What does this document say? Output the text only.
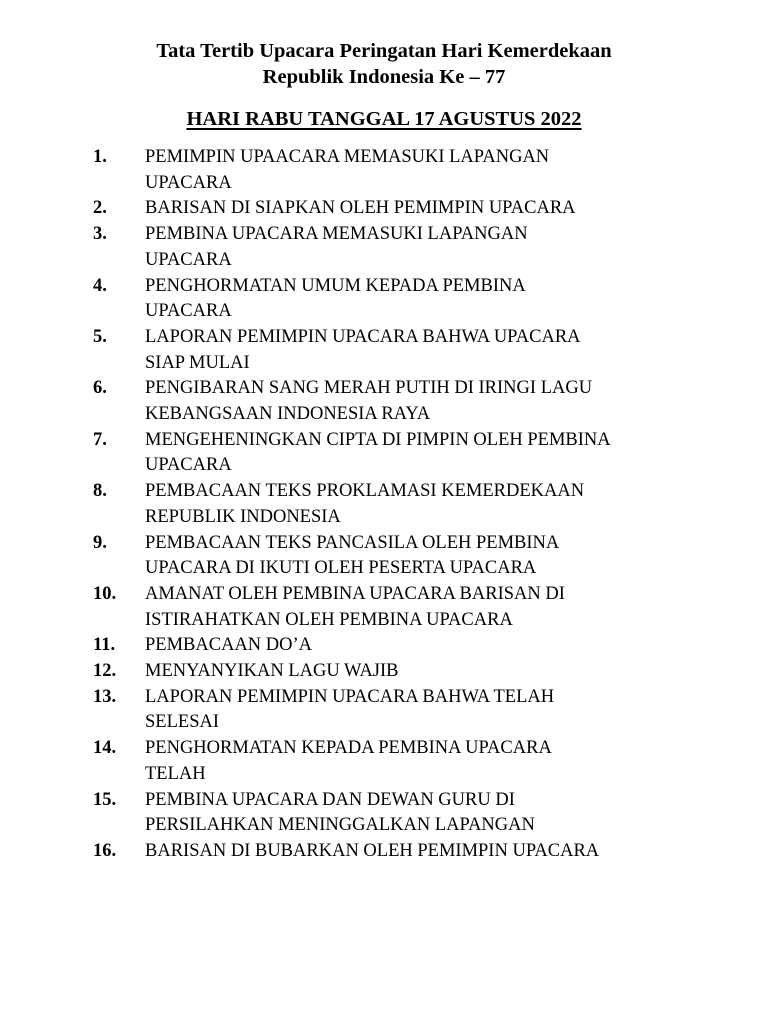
Tata Tertib Upacara Peringatan Hari Kemerdekaan
Republik Indonesia Ke – 77
HARI RABU TANGGAL 17 AGUSTUS 2022
1.	PEMIMPIN UPAACARA MEMASUKI LAPANGAN
UPACARA
2.	BARISAN DI SIAPKAN OLEH PEMIMPIN UPACARA
3.	PEMBINA UPACARA MEMASUKI LAPANGAN
UPACARA
4.	PENGHORMATAN UMUM KEPADA PEMBINA
UPACARA
5.	LAPORAN PEMIMPIN UPACARA BAHWA UPACARA
SIAP MULAI
6.	PENGIBARAN SANG MERAH PUTIH DI IRINGI LAGU
KEBANGSAAN INDONESIA RAYA
7.	MENGEHENINGKAN CIPTA DI PIMPIN OLEH PEMBINA
UPACARA
8.	PEMBACAAN TEKS PROKLAMASI KEMERDEKAAN
REPUBLIK INDONESIA
9.	PEMBACAAN TEKS PANCASILA OLEH PEMBINA
UPACARA DI IKUTI OLEH PESERTA UPACARA
10.	AMANAT OLEH PEMBINA UPACARA BARISAN DI
ISTIRAHATKAN OLEH PEMBINA UPACARA
11.	PEMBACAAN DO’A
12.	MENYANYIKAN LAGU WAJIB
13.	LAPORAN PEMIMPIN UPACARA BAHWA TELAH
SELESAI
14.	PENGHORMATAN KEPADA PEMBINA UPACARA
TELAH
15.	PEMBINA UPACARA DAN DEWAN GURU DI
PERSILAHKAN MENINGGALKAN LAPANGAN
16.	BARISAN DI BUBARKAN OLEH PEMIMPIN UPACARA
